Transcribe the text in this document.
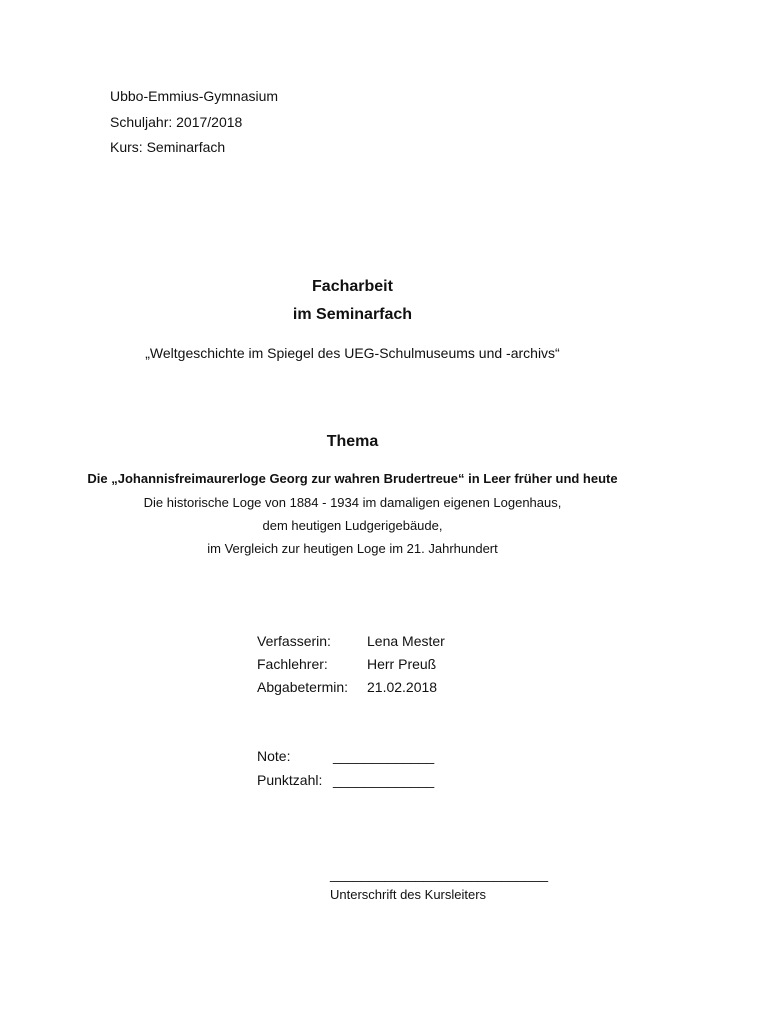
Ubbo-Emmius-Gymnasium
Schuljahr: 2017/2018
Kurs: Seminarfach
Facharbeit
im Seminarfach
„Weltgeschichte im Spiegel des UEG-Schulmuseums und -archivs“
Thema
Die „Johannisfreimaurerloge Georg zur wahren Brudertreue“ in Leer früher und heute
Die historische Loge von 1884 - 1934 im damaligen eigenen Logenhaus,
dem heutigen Ludgerigebäude,
im Vergleich zur heutigen Loge im 21. Jahrhundert
Verfasserin:	Lena Mester
Fachlehrer:	Herr Preuß
Abgabetermin: 21.02.2018
Note:	_____________
Punktzahl: _____________
____________________________
Unterschrift des Kursleiters
